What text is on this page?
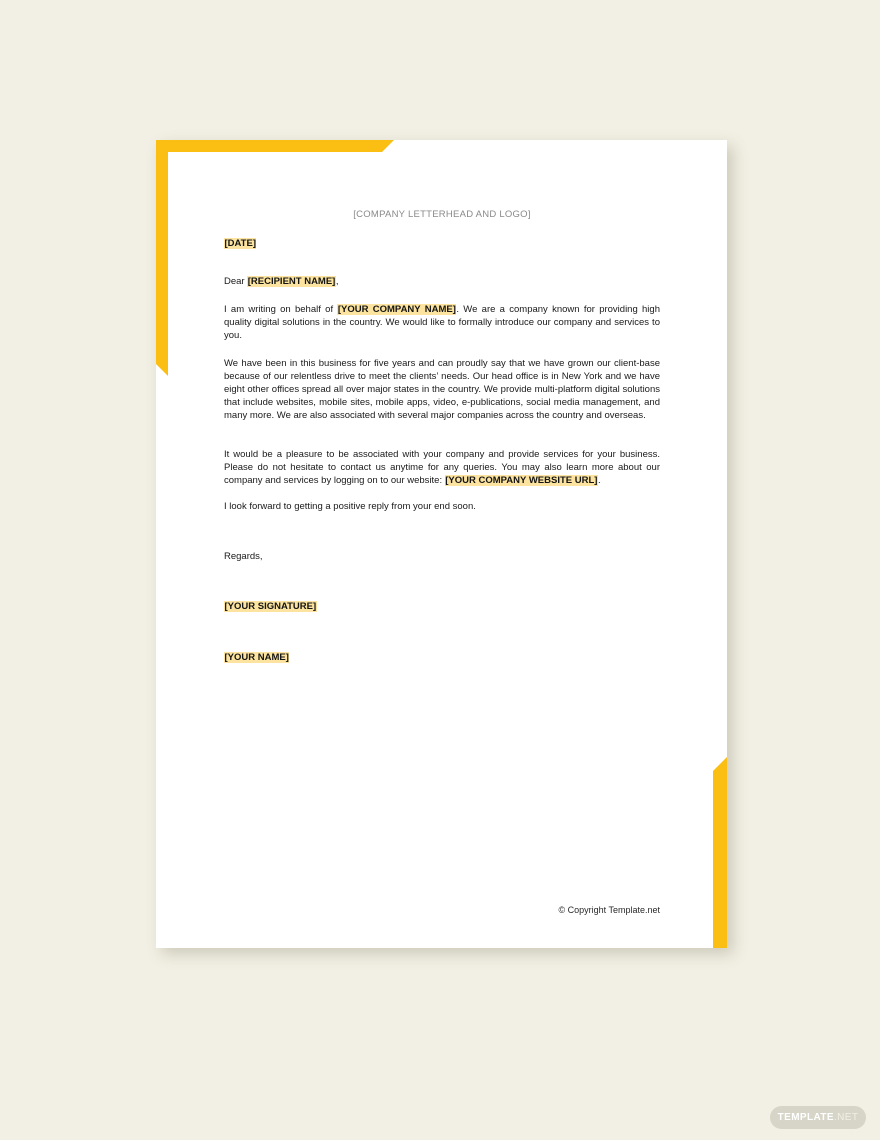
[COMPANY LETTERHEAD AND LOGO]
[DATE]
Dear [RECIPIENT NAME],
I am writing on behalf of [YOUR COMPANY NAME]. We are a company known for providing high quality digital solutions in the country. We would like to formally introduce our company and services to you.
We have been in this business for five years and can proudly say that we have grown our client-base because of our relentless drive to meet the clients’ needs. Our head office is in New York and we have eight other offices spread all over major states in the country. We provide multi-platform digital solutions that include websites, mobile sites, mobile apps, video, e-publications, social media management, and many more. We are also associated with several major companies across the country and overseas.
It would be a pleasure to be associated with your company and provide services for your business. Please do not hesitate to contact us anytime for any queries. You may also learn more about our company and services by logging on to our website: [YOUR COMPANY WEBSITE URL].
I look forward to getting a positive reply from your end soon.
Regards,
[YOUR SIGNATURE]
[YOUR NAME]
© Copyright Template.net
TEMPLATE .NET
